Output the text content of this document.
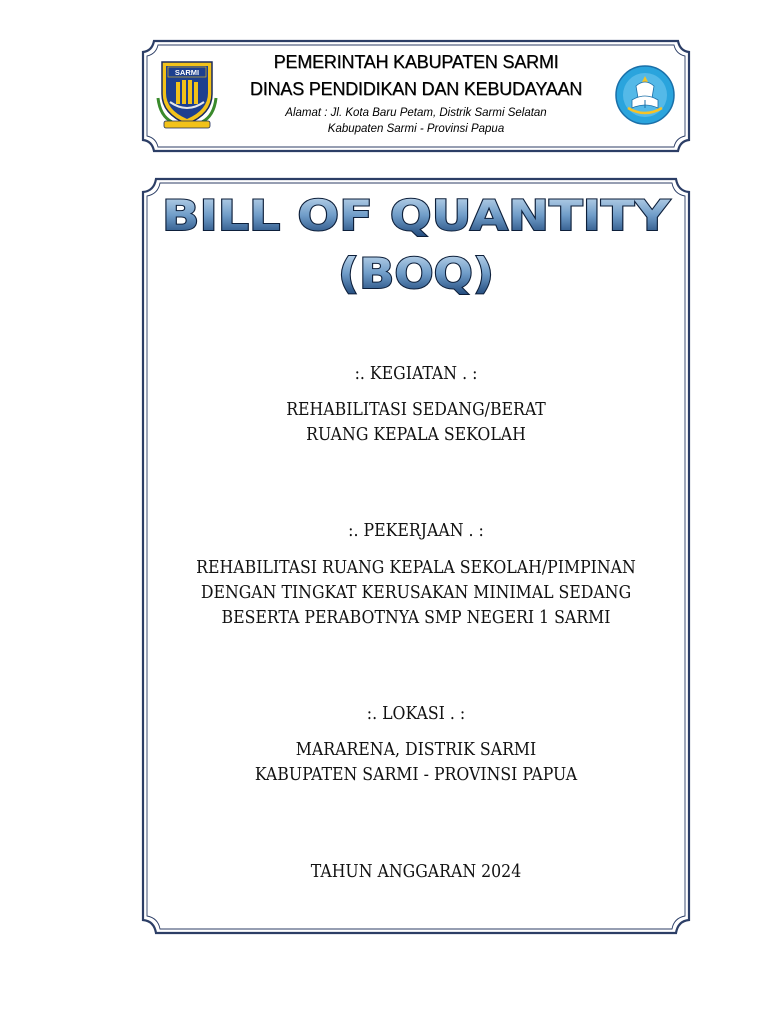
SARMI
PEMERINTAH KABUPATEN SARMI
DINAS PENDIDIKAN DAN KEBUDAYAAN
Alamat : Jl. Kota Baru Petam, Distrik Sarmi Selatan
Kabupaten Sarmi - Provinsi Papua
BILL OF QUANTITY
(BOQ)
:. KEGIATAN . :
REHABILITASI SEDANG/BERAT
RUANG KEPALA SEKOLAH
:. PEKERJAAN . :
REHABILITASI RUANG KEPALA SEKOLAH/PIMPINAN
DENGAN TINGKAT KERUSAKAN MINIMAL SEDANG
BESERTA PERABOTNYA SMP NEGERI 1 SARMI
:. LOKASI . :
MARARENA, DISTRIK SARMI
KABUPATEN SARMI - PROVINSI PAPUA
TAHUN ANGGARAN 2024
